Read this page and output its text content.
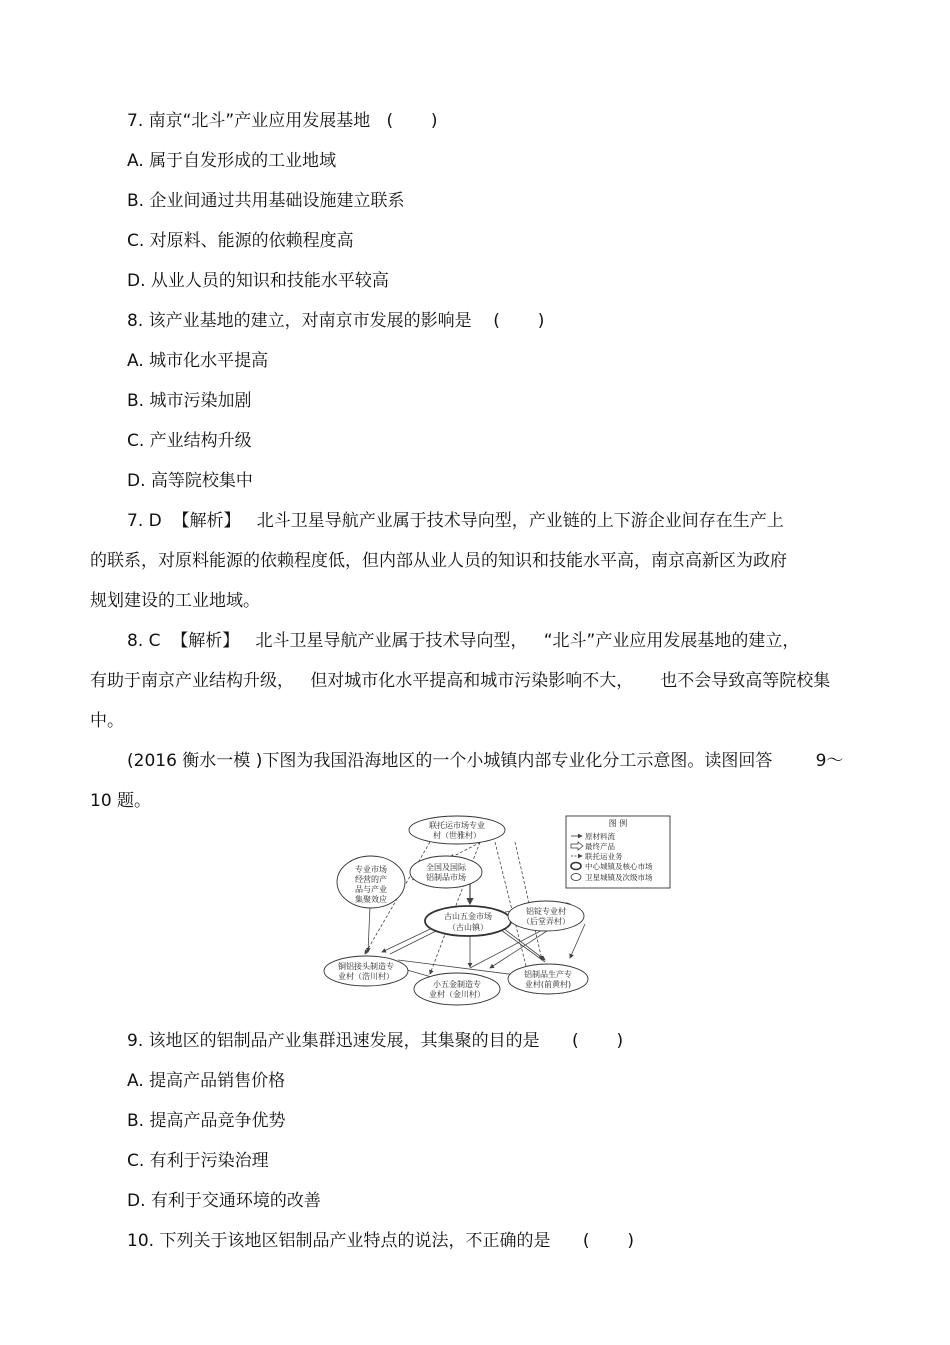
7. 南京“北斗”产业应用发展基地   (       )
A. 属于自发形成的工业地域
B. 企业间通过共用基础设施建立联系
C. 对原料、能源的依赖程度高
D. 从业人员的知识和技能水平较高
8. 该产业基地的建立，对南京市发展的影响是    (       )
A. 城市化水平提高
B. 城市污染加剧
C. 产业结构升级
D. 高等院校集中
7. D  【解析】   北斗卫星导航产业属于技术导向型，产业链的上下游企业间存在生产上
的联系，对原料能源的依赖程度低，但内部从业人员的知识和技能水平高，南京高新区为政府
规划建设的工业地域。
8. C  【解析】   北斗卫星导航产业属于技术导向型，   “北斗”产业应用发展基地的建立，
有助于南京产业结构升级，   但对城市化水平提高和城市污染影响不大，     也不会导致高等院校集
中。
(2016 衡水一模 )下图为我国沿海地区的一个小城镇内部专业化分工示意图。读图回答        9～
10 题。
联托运市场专业
村（世雅村）
专业市场
经营的产
品与产业
集聚效应
全国及国际
铝制品市场
古山五金市场
（古山镇）
铝锭专业村
（后堂弄村）
铜铝接头制造专
业村（浩川村）
小五金制造专
业村（金川村）
铝制品生产专
业村(前黄村)
图 例
原材料流
最终产品
联托运业务
中心城镇及核心市场
卫星城镇及次级市场
9. 该地区的铝制品产业集群迅速发展，其集聚的目的是      (       )
A. 提高产品销售价格
B. 提高产品竞争优势
C. 有利于污染治理
D. 有利于交通环境的改善
10. 下列关于该地区铝制品产业特点的说法，不正确的是      (       )
